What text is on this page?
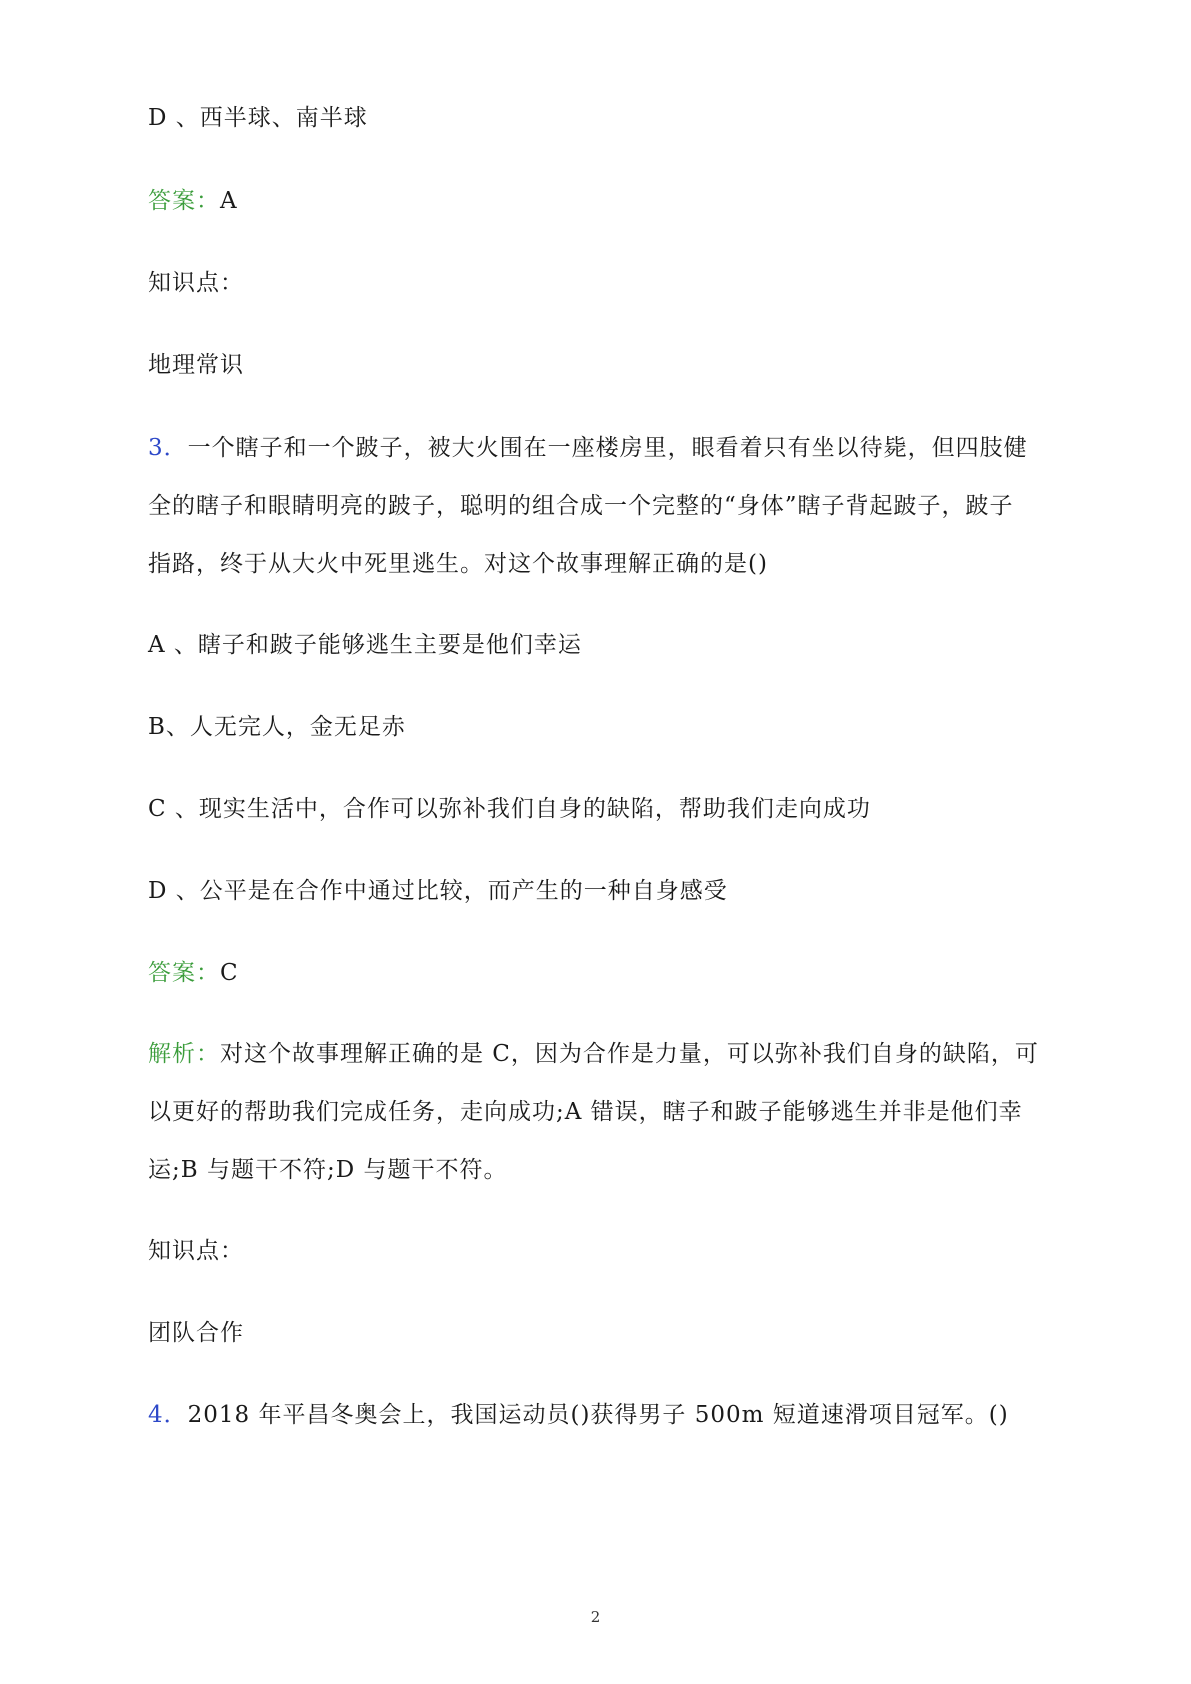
D 、西半球、南半球
答案：A
知识点：
地理常识
3．一个瞎子和一个跛子，被大火围在一座楼房里，眼看着只有坐以待毙，但四肢健
全的瞎子和眼睛明亮的跛子，聪明的组合成一个完整的“身体”瞎子背起跛子，跛子
指路，终于从大火中死里逃生。对这个故事理解正确的是()
A 、瞎子和跛子能够逃生主要是他们幸运
B、人无完人，金无足赤
C 、现实生活中，合作可以弥补我们自身的缺陷，帮助我们走向成功
D 、公平是在合作中通过比较，而产生的一种自身感受
答案：C
解析：对这个故事理解正确的是 C，因为合作是力量，可以弥补我们自身的缺陷，可
以更好的帮助我们完成任务，走向成功;A 错误，瞎子和跛子能够逃生并非是他们幸
运;B 与题干不符;D 与题干不符。
知识点：
团队合作
4．2018 年平昌冬奥会上，我国运动员()获得男子 500m 短道速滑项目冠军。()
2
